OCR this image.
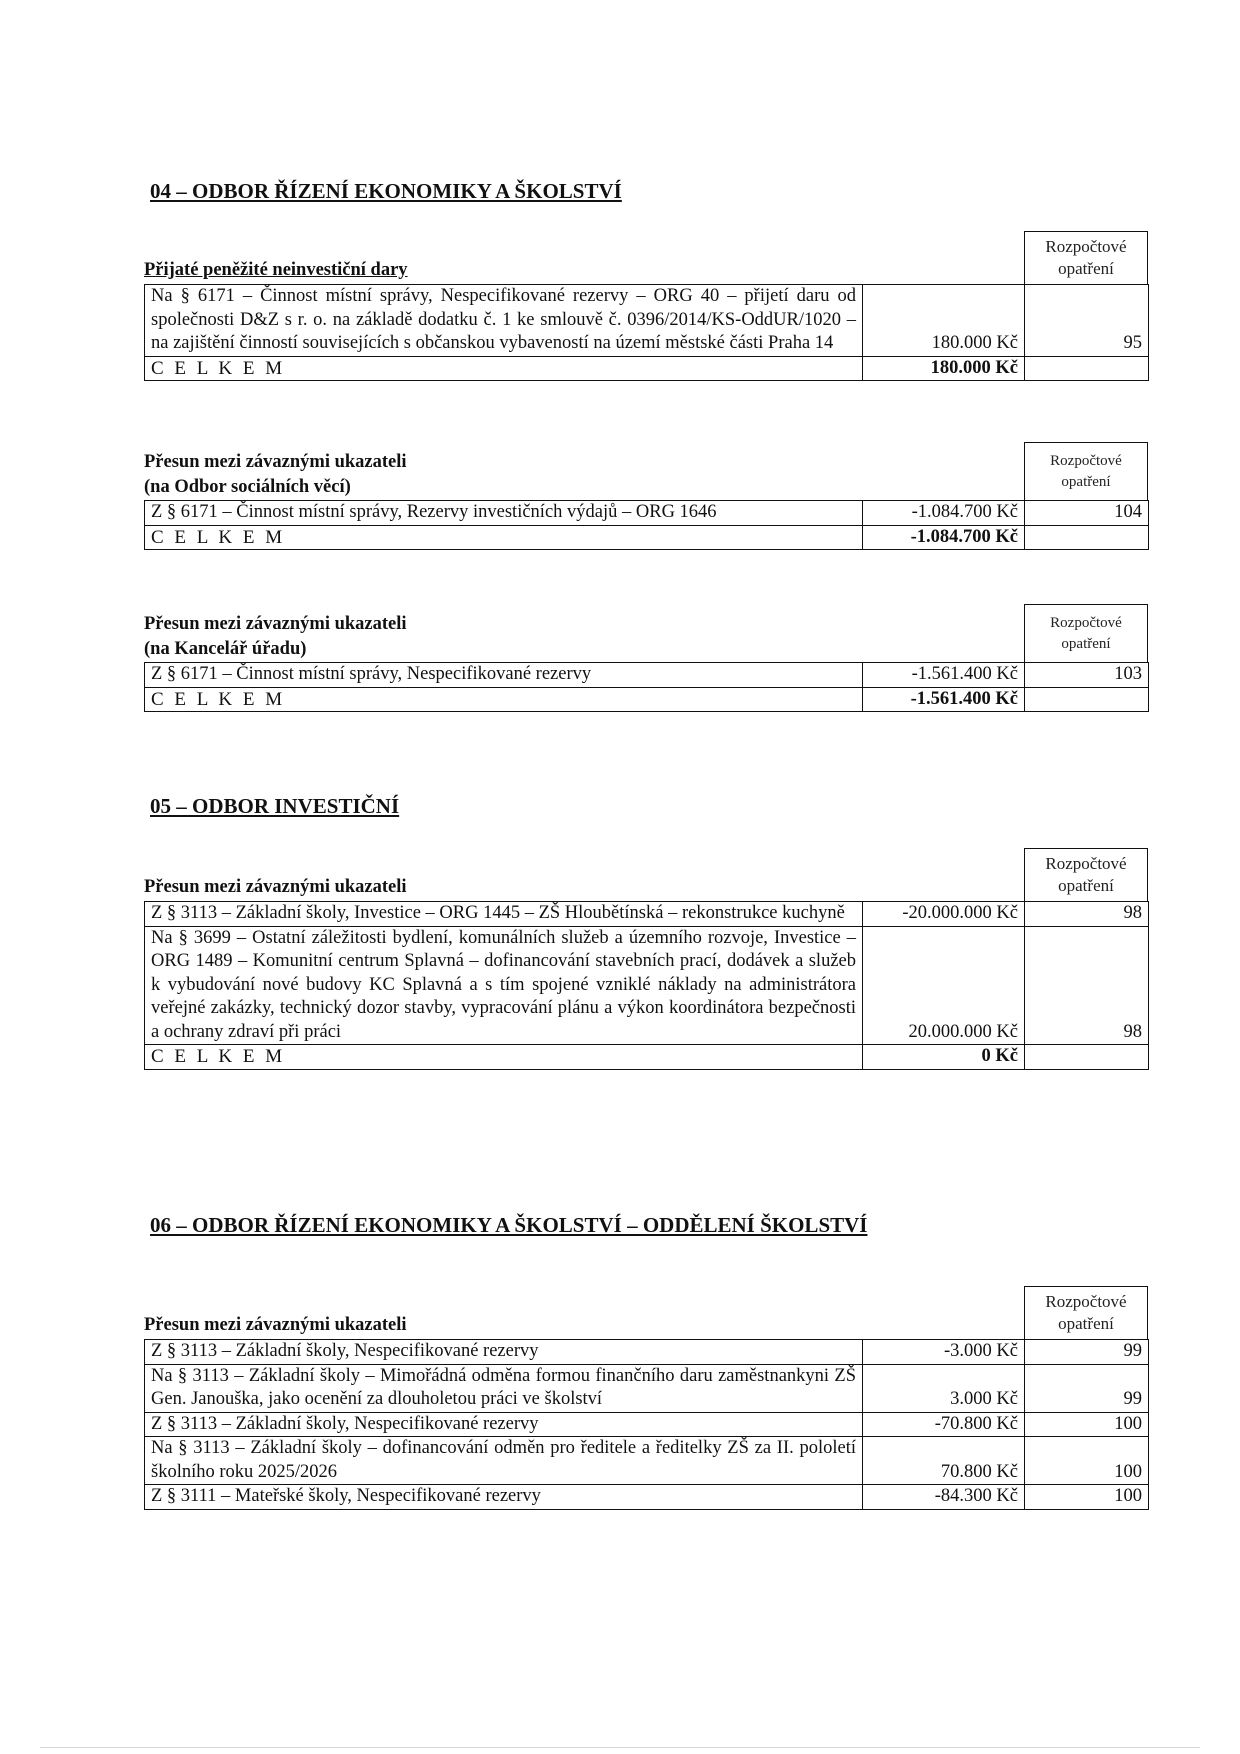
04 – ODBOR ŘÍZENÍ EKONOMIKY A ŠKOLSTVÍ
Rozpočtové
opatření
Přijaté peněžité neinvestiční dary
Na § 6171 – Činnost místní správy, Nespecifikované rezervy – ORG 40 – přijetí daru od společnosti D&Z s r. o. na základě dodatku č. 1 ke smlouvě č. 0396/2014/KS-OddUR/1020 – na zajištění činností souvisejících s občanskou vybaveností na území městské části Praha 14	180.000 Kč	95
C E L K E M	180.000 Kč	
Rozpočtové
opatření
Přesun mezi závaznými ukazateli
(na Odbor sociálních věcí)
Z § 6171 – Činnost místní správy, Rezervy investičních výdajů – ORG 1646	-1.084.700 Kč	104
C E L K E M	-1.084.700 Kč	
Rozpočtové
opatření
Přesun mezi závaznými ukazateli
(na Kancelář úřadu)
Z § 6171 – Činnost místní správy, Nespecifikované rezervy	-1.561.400 Kč	103
C E L K E M	-1.561.400 Kč	
05 – ODBOR INVESTIČNÍ
Rozpočtové
opatření
Přesun mezi závaznými ukazateli
Z § 3113 – Základní školy, Investice – ORG 1445 – ZŠ Hloubětínská – rekonstrukce kuchyně	-20.000.000 Kč	98
Na § 3699 – Ostatní záležitosti bydlení, komunálních služeb a územního rozvoje, Investice – ORG 1489 – Komunitní centrum Splavná – dofinancování stavebních prací, dodávek a služeb k vybudování nové budovy KC Splavná a s tím spojené vzniklé náklady na administrátora veřejné zakázky, technický dozor stavby, vypracování plánu a výkon koordinátora bezpečnosti a ochrany zdraví při práci	20.000.000 Kč	98
C E L K E M	0 Kč	
06 – ODBOR ŘÍZENÍ EKONOMIKY A ŠKOLSTVÍ – ODDĚLENÍ ŠKOLSTVÍ
Rozpočtové
opatření
Přesun mezi závaznými ukazateli
Z § 3113 – Základní školy, Nespecifikované rezervy	-3.000 Kč	99
Na § 3113 – Základní školy – Mimořádná odměna formou finančního daru zaměstnankyni ZŠ Gen. Janouška, jako ocenění za dlouholetou práci ve školství	3.000 Kč	99
Z § 3113 – Základní školy, Nespecifikované rezervy	-70.800 Kč	100
Na § 3113 – Základní školy – dofinancování odměn pro ředitele a ředitelky ZŠ za II. pololetí školního roku 2025/2026	70.800 Kč	100
Z § 3111 – Mateřské školy, Nespecifikované rezervy	-84.300 Kč	100
